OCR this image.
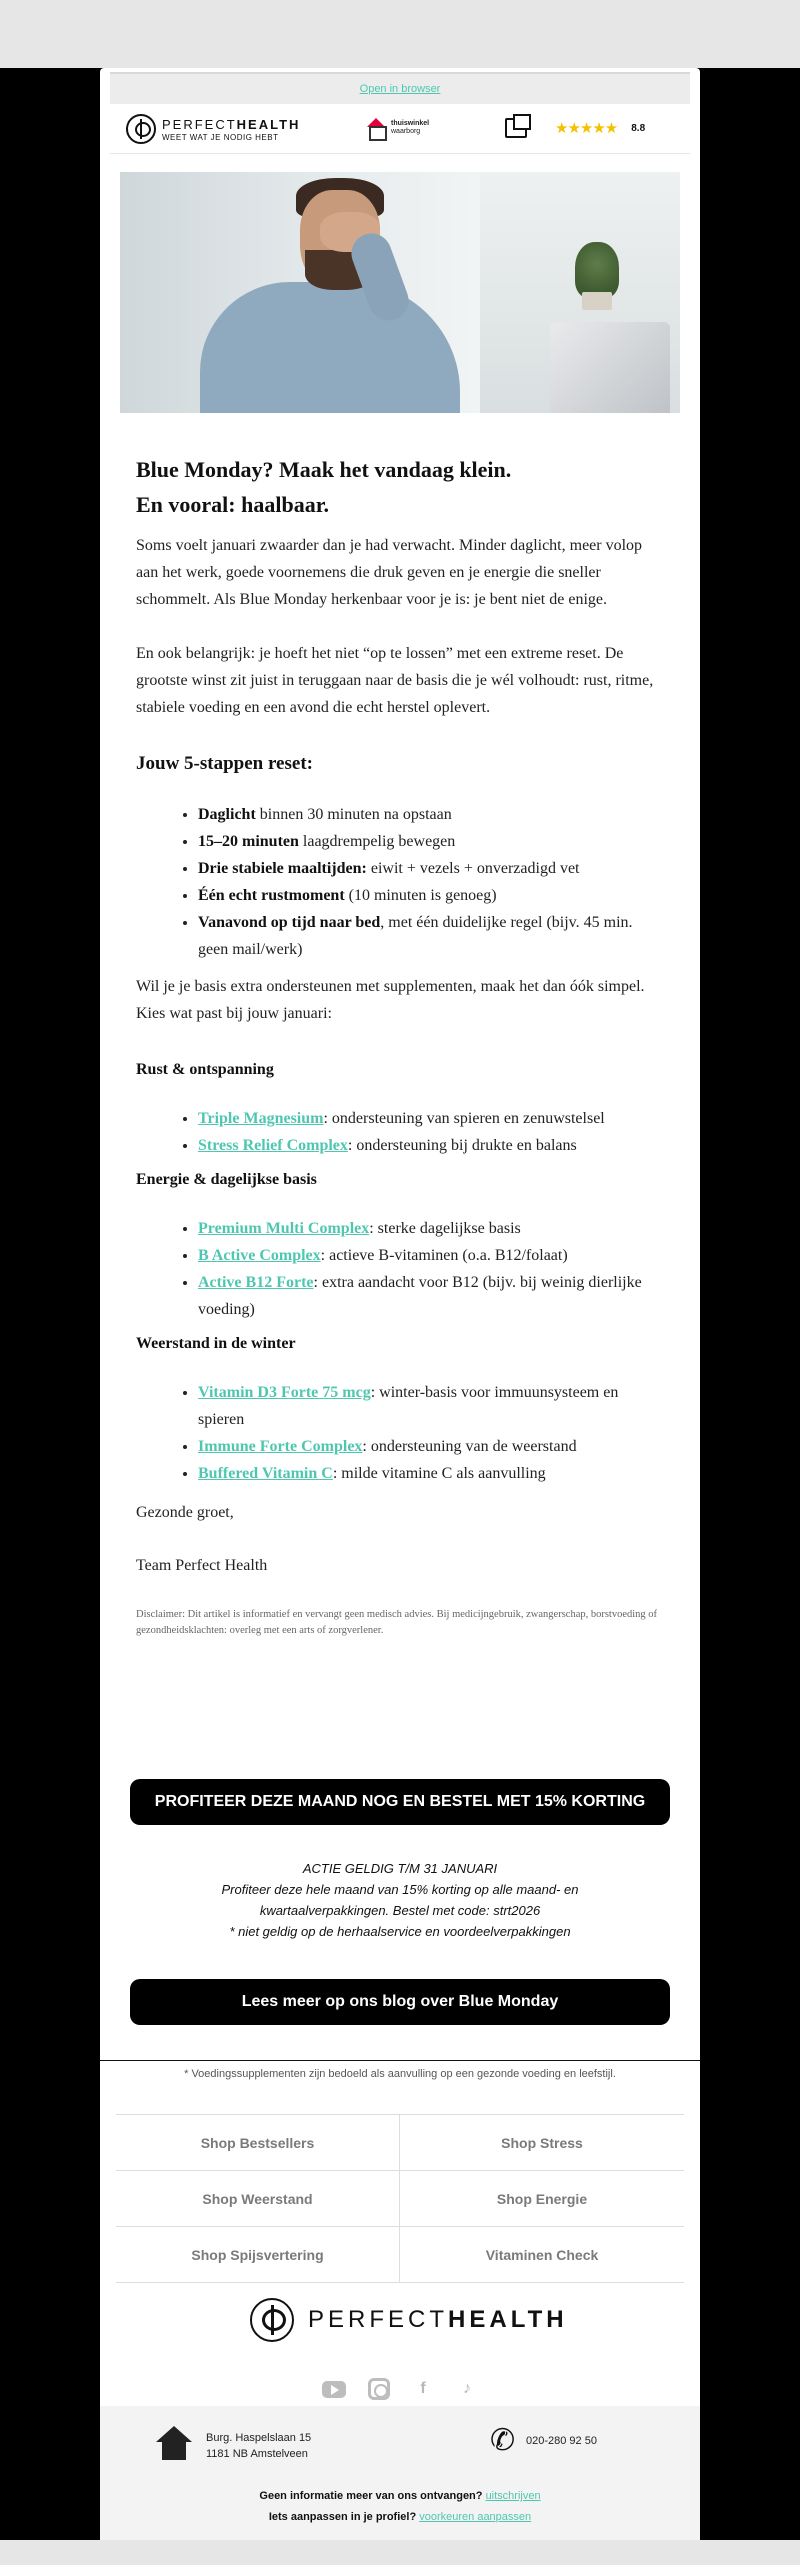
Open in browser
PERFECTHEALTH
WEET WAT JE NODIG HEBT
thuiswinkel
waarborg	★★★★★ 8.8
Blue Monday? Maak het vandaag klein.
En vooral: haalbaar.

Soms voelt januari zwaarder dan je had verwacht. Minder daglicht, meer volop aan het werk, goede voornemens die druk geven en je energie die sneller schommelt. Als Blue Monday herkenbaar voor je is: je bent niet de enige.

En ook belangrijk: je hoeft het niet “op te lossen” met een extreme reset. De grootste winst zit juist in teruggaan naar de basis die je wél volhoudt: rust, ritme, stabiele voeding en een avond die echt herstel oplevert.

Jouw 5-stappen reset:
• Daglicht binnen 30 minuten na opstaan
• 15–20 minuten laagdrempelig bewegen
• Drie stabiele maaltijden: eiwit + vezels + onverzadigd vet
• Één echt rustmoment (10 minuten is genoeg)
• Vanavond op tijd naar bed, met één duidelijke regel (bijv. 45 min. geen mail/werk)

Wil je je basis extra ondersteunen met supplementen, maak het dan óók simpel. Kies wat past bij jouw januari:

Rust & ontspanning
• Triple Magnesium: ondersteuning van spieren en zenuwstelsel
• Stress Relief Complex: ondersteuning bij drukte en balans
Energie & dagelijkse basis
• Premium Multi Complex: sterke dagelijkse basis
• B Active Complex: actieve B-vitaminen (o.a. B12/folaat)
• Active B12 Forte: extra aandacht voor B12 (bijv. bij weinig dierlijke voeding)
Weerstand in de winter
• Vitamin D3 Forte 75 mcg: winter-basis voor immuunsysteem en spieren
• Immune Forte Complex: ondersteuning van de weerstand
• Buffered Vitamin C: milde vitamine C als aanvulling

Gezonde groet,

Team Perfect Health

Disclaimer: Dit artikel is informatief en vervangt geen medisch advies. Bij medicijngebruik, zwangerschap, borstvoeding of gezondheidsklachten: overleg met een arts of zorgverlener.

PROFITEER DEZE MAAND NOG EN BESTEL MET 15% KORTING
ACTIE GELDIG T/M 31 JANUARI
Profiteer deze hele maand van 15% korting op alle maand- en kwartaalverpakkingen. Bestel met code: strt2026
* niet geldig op de herhaalservice en voordeelverpakkingen
Lees meer op ons blog over Blue Monday
* Voedingssupplementen zijn bedoeld als aanvulling op een gezonde voeding en leefstijl.
Shop Bestsellers	Shop Stress
Shop Weerstand	Shop Energie
Shop Spijsvertering	Vitaminen Check
PERFECTHEALTH
f	♪
Burg. Haspelslaan 15
1181 NB Amstelveen	✆ 020-280 92 50
Geen informatie meer van ons ontvangen? uitschrijven
Iets aanpassen in je profiel? voorkeuren aanpassen
